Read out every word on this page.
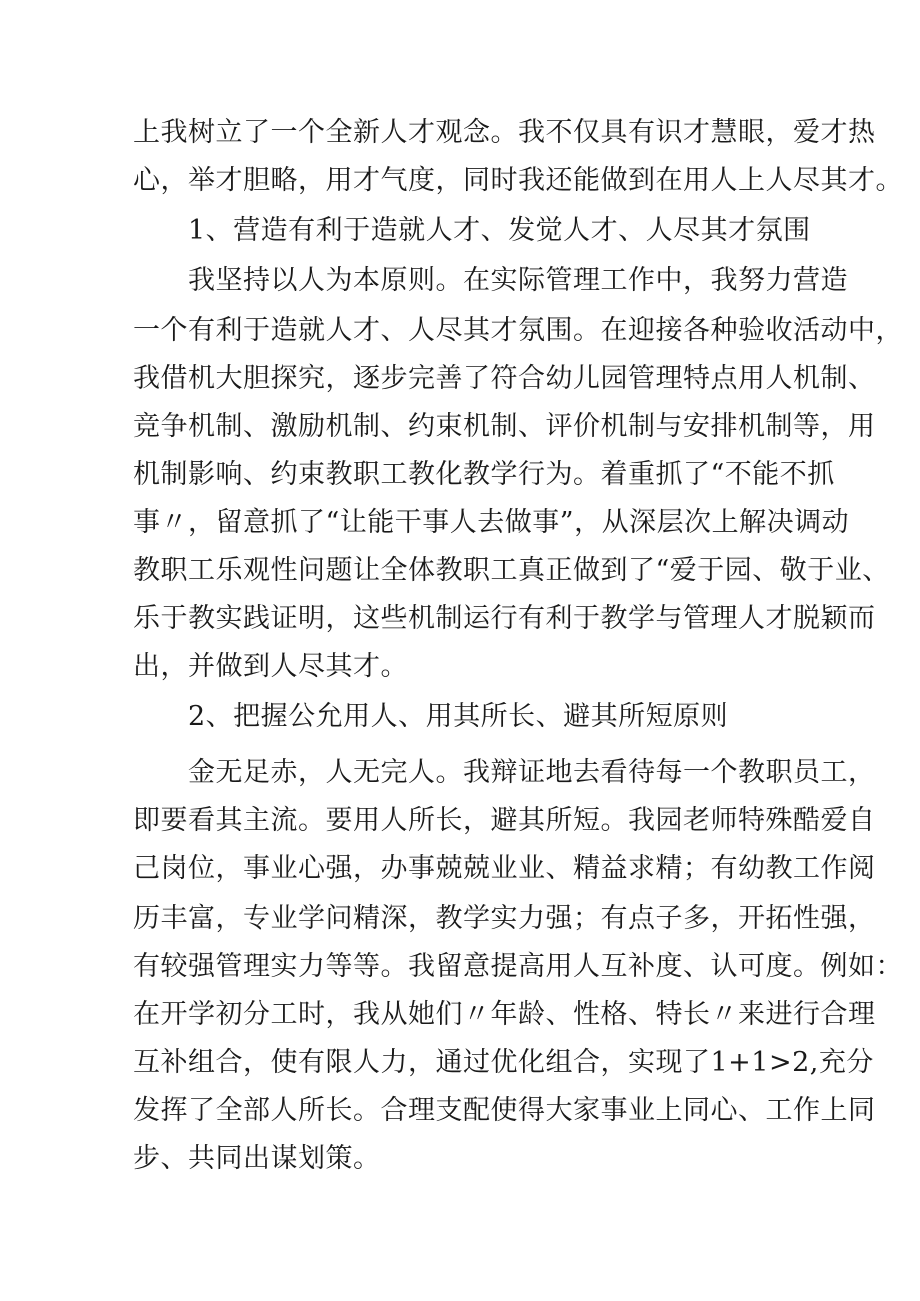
上我树立了一个全新人才观念。我不仅具有识才慧眼，爱才热
心，举才胆略，用才气度，同时我还能做到在用人上人尽其才。
1、营造有利于造就人才、发觉人才、人尽其才氛围
我坚持以人为本原则。在实际管理工作中，我努力营造
一个有利于造就人才、人尽其才氛围。在迎接各种验收活动中，
我借机大胆探究，逐步完善了符合幼儿园管理特点用人机制、
竞争机制、激励机制、约束机制、评价机制与安排机制等，用
机制影响、约束教职工教化教学行为。着重抓了“不能不抓
事〃，留意抓了“让能干事人去做事”，从深层次上解决调动
教职工乐观性问题让全体教职工真正做到了“爱于园、敬于业、
乐于教实践证明，这些机制运行有利于教学与管理人才脱颖而
出，并做到人尽其才。
2、把握公允用人、用其所长、避其所短原则
金无足赤，人无完人。我辩证地去看待每一个教职员工，
即要看其主流。要用人所长，避其所短。我园老师特殊酷爱自
己岗位，事业心强，办事兢兢业业、精益求精；有幼教工作阅
历丰富，专业学问精深，教学实力强；有点子多，开拓性强，
有较强管理实力等等。我留意提高用人互补度、认可度。例如：
在开学初分工时，我从她们〃年龄、性格、特长〃来进行合理
互补组合，使有限人力，通过优化组合，实现了1+1>2,充分
发挥了全部人所长。合理支配使得大家事业上同心、工作上同
步、共同出谋划策。
